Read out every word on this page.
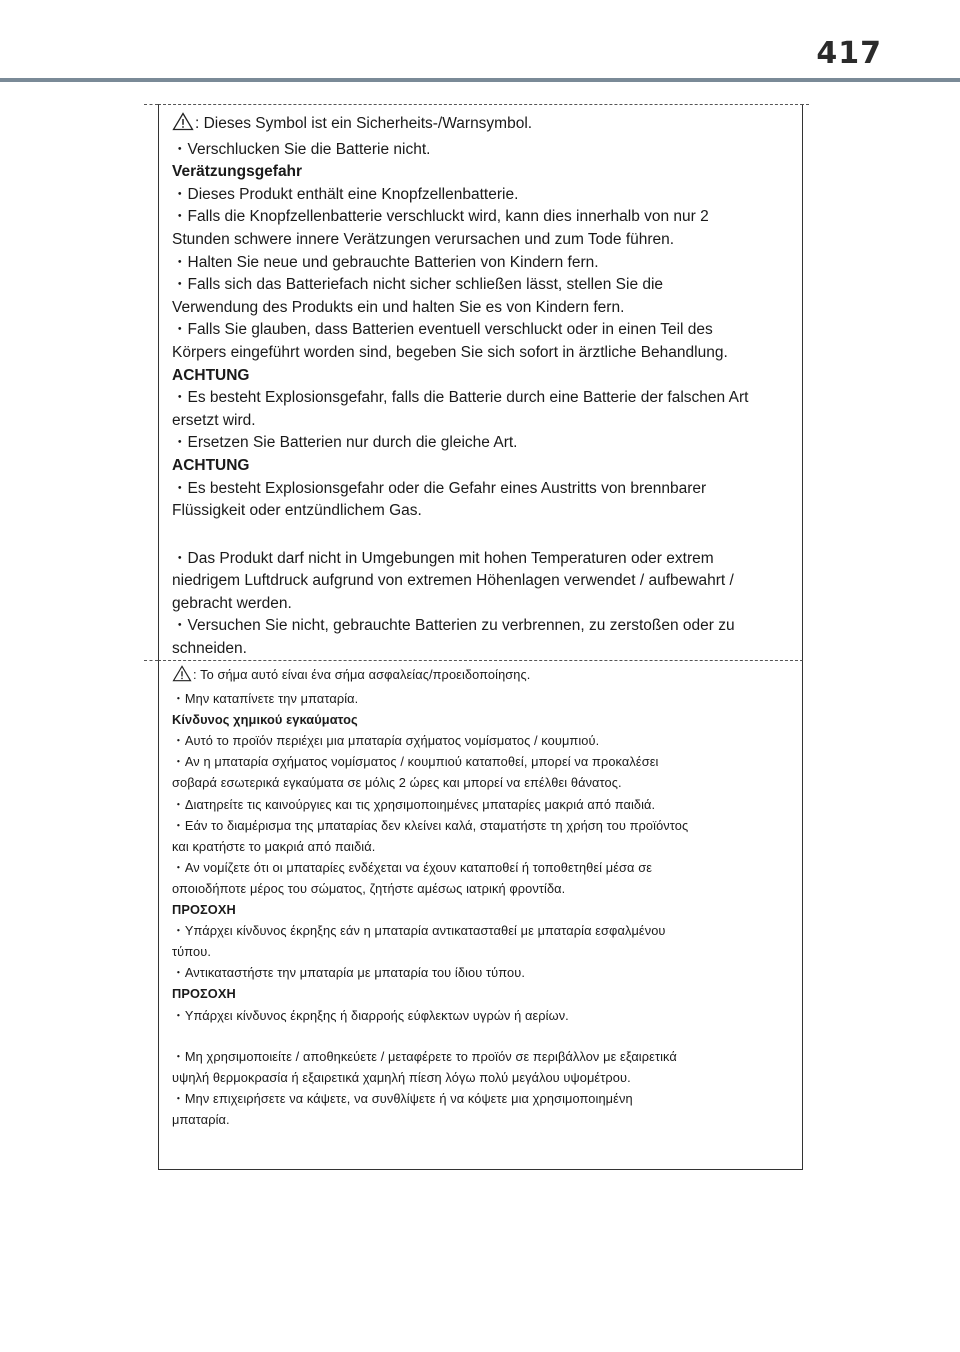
417
: Dieses Symbol ist ein Sicherheits-/Warnsymbol.
・Verschlucken Sie die Batterie nicht.
Verätzungsgefahr
・Dieses Produkt enthält eine Knopfzellenbatterie.
・Falls die Knopfzellenbatterie verschluckt wird, kann dies innerhalb von nur 2
Stunden schwere innere Verätzungen verursachen und zum Tode führen.
・Halten Sie neue und gebrauchte Batterien von Kindern fern.
・Falls sich das Batteriefach nicht sicher schließen lässt, stellen Sie die
Verwendung des Produkts ein und halten Sie es von Kindern fern.
・Falls Sie glauben, dass Batterien eventuell verschluckt oder in einen Teil des
Körpers eingeführt worden sind, begeben Sie sich sofort in ärztliche Behandlung.
ACHTUNG
・Es besteht Explosionsgefahr, falls die Batterie durch eine Batterie der falschen Art
ersetzt wird.
・Ersetzen Sie Batterien nur durch die gleiche Art.
ACHTUNG
・Es besteht Explosionsgefahr oder die Gefahr eines Austritts von brennbarer
Flüssigkeit oder entzündlichem Gas.
・Das Produkt darf nicht in Umgebungen mit hohen Temperaturen oder extrem
niedrigem Luftdruck aufgrund von extremen Höhenlagen verwendet / aufbewahrt /
gebracht werden.
・Versuchen Sie nicht, gebrauchte Batterien zu verbrennen, zu zerstoßen oder zu
schneiden.
: Το σήμα αυτό είναι ένα σήμα ασφαλείας/προειδοποίησης.
・Μην καταπίνετε την μπαταρία.
Κίνδυνος χημικού εγκαύματος
・Αυτό το προϊόν περιέχει μια μπαταρία σχήματος νομίσματος / κουμπιού.
・Αν η μπαταρία σχήματος νομίσματος / κουμπιού καταποθεί, μπορεί να προκαλέσει
σοβαρά εσωτερικά εγκαύματα σε μόλις 2 ώρες και μπορεί να επέλθει θάνατος.
・Διατηρείτε τις καινούργιες και τις χρησιμοποιημένες μπαταρίες μακριά από παιδιά.
・Εάν το διαμέρισμα της μπαταρίας δεν κλείνει καλά, σταματήστε τη χρήση του προϊόντος
και κρατήστε το μακριά από παιδιά.
・Αν νομίζετε ότι οι μπαταρίες ενδέχεται να έχουν καταποθεί ή τοποθετηθεί μέσα σε
οποιοδήποτε μέρος του σώματος, ζητήστε αμέσως ιατρική φροντίδα.
ΠΡΟΣΟΧΗ
・Υπάρχει κίνδυνος έκρηξης εάν η μπαταρία αντικατασταθεί με μπαταρία εσφαλμένου
τύπου.
・Αντικαταστήστε την μπαταρία με μπαταρία του ίδιου τύπου.
ΠΡΟΣΟΧΗ
・Υπάρχει κίνδυνος έκρηξης ή διαρροής εύφλεκτων υγρών ή αερίων.
・Μη χρησιμοποιείτε / αποθηκεύετε / μεταφέρετε το προϊόν σε περιβάλλον με εξαιρετικά
υψηλή θερμοκρασία ή εξαιρετικά χαμηλή πίεση λόγω πολύ μεγάλου υψομέτρου.
・Μην επιχειρήσετε να κάψετε, να συνθλίψετε ή να κόψετε μια χρησιμοποιημένη
μπαταρία.
